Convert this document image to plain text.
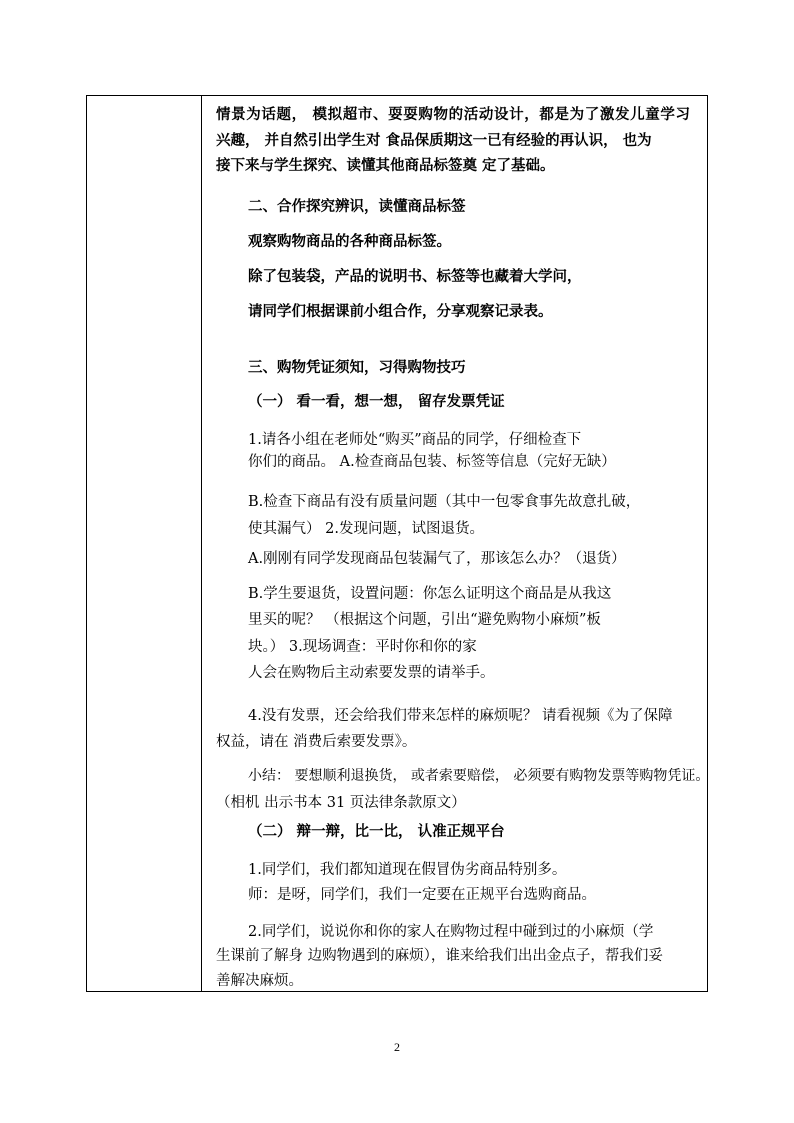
情景为话题， 模拟超市、耍耍购物的活动设计，都是为了激发儿童学习
兴趣， 并自然引出学生对 食品保质期这一已有经验的再认识， 也为
接下来与学生探究、读懂其他商品标签奠 定了基础。
二、合作探究辨识，读懂商品标签
观察购物商品的各种商品标签。
除了包装袋，产品的说明书、标签等也藏着大学问，
请同学们根据课前小组合作，分享观察记录表。
三、购物凭证须知，习得购物技巧
（一） 看一看，想一想， 留存发票凭证
1.请各小组在老师处“购买”商品的同学，仔细检查下
你们的商品。 A.检查商品包装、标签等信息（完好无缺）
B.检查下商品有没有质量问题（其中一包零食事先故意扎破，
使其漏气） 2.发现问题，试图退货。
A.刚刚有同学发现商品包装漏气了，那该怎么办？（退货）
B.学生要退货，设置问题：你怎么证明这个商品是从我这
里买的呢？ （根据这个问题，引出“避免购物小麻烦”板
块。） 3.现场调查：平时你和你的家
人会在购物后主动索要发票的请举手。
4.没有发票，还会给我们带来怎样的麻烦呢？ 请看视频《为了保障
权益，请在 消费后索要发票》。
小结： 要想顺利退换货， 或者索要赔偿， 必须要有购物发票等购物凭证。
（相机 出示书本 31 页法律条款原文）
（二） 辩一辩，比一比， 认准正规平台
1.同学们，我们都知道现在假冒伪劣商品特别多。
师：是呀，同学们，我们一定要在正规平台选购商品。
2.同学们，说说你和你的家人在购物过程中碰到过的小麻烦（学
生课前了解身 边购物遇到的麻烦），谁来给我们出出金点子，帮我们妥
善解决麻烦。
2
